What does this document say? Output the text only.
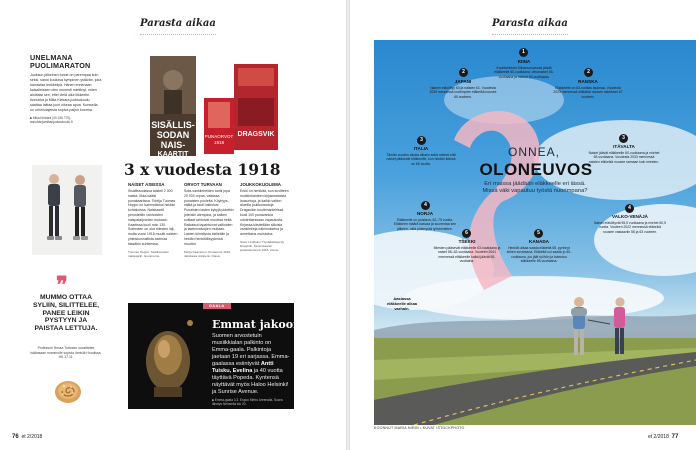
Parasta aikaa
UNELMANA PUOLIMARATON
Juoksun jälkeinen tunne on parempaa kuin seksi, sanoi kuuluisa kympinen ystävän, joka harrastaa lenkkeilyä. Hänen ennenaan kaisalleissen olen monesti miettinyt, miten aloittaisi sen, ettei vielä ollut liikkeelle. Annukka ja Mika Kiekara juoksukoulu saattaa laittaa juuri oikeaa apua. Kurssella on urheilulajeista sopiva paljon kuorma.
■ Mika Kiekara (40 236 770), annukanjamikanjuoksukoulu.fi
❞
MUMMO OTTAA SYLIIN, SILITTELEE, PANEE LEIKIN PYSTYYN JA PAISTAA LETTUJA.
Professori Hessa Tortosen suosittelee isäänsaan mummolle sopivia ihmisiä Hoodissa. HS 17.11.
SISÄLLIS-
SODAN
NAIS-
KAARTIT
PUNAORVOT
1918
DRAGSVIK
3 x vuodesta 1918
NAISET ASEISSA

Sisällissodassa taisteli 2 000 naista, Ilkka kaikki punakaartissa. Tohtija Tuomas Hoppu on hahmottanut heidän kohtaloissa. Naiskaartit perustettiin vanhoisten naispataljoonien mukaan. Kaartissa kuoli noin 130. Sotimisen on olut miesten lajt, mutta vuosi 1918 muutti naisten yhteiskunnallista asemaa tässäkin suhteessa.

Tuomas Hoppu: Sisällissodan naiskaartit. Gummerus.

ORVOT TURVAAN

Sota-vankileireiden tuotti jopa 20 000 orpoa, valtassa punaisten puolelta. Köyhyys, nälkä ja tauti haltioivat. Punaisten lasten kykyjä pidettiin jotenkin alempina, ja kaiken sotilaat tahtoivat muuttaa heitä. Ratkaisut tapahtuivat valtioiden ja lastenvalvojien mukaan. Lasten kiinnitysta kiellettiin ja heidän henkilöllisyytensä muuttui.

Merja Kaaminen: Punaorvot 1918. Jalobasia Jokiperä. Otava.

JOUKKOKUOLEMA

Erkki on herkkää, kun kuvitteen muistinkanteen kirjaamatoista lausuntoja, ja kaikki valtion alueilla joukkohautoja. Dragsvikin kuolemanleirissä kuoli 100 punavankia odotettaessaan vapautusta. Kirjassa käsitellään silloisia vankileireja tutkimuksena ja annettuina muistoina.

Sture Lindholm: Hyväksikäytetty Dragsvik. Tammisaaren joukkokuolema 1918. Atena.

GAALA
Emmat jakoon
Suomen arvostetuin musiikkialan palkinto on Emma-gaala. Palkintoja jaetaan 19 eri sarjassa. Emma-gaalassa esiintyvät Antti Tuisku, Evelina ja 40 vuotta täyttävä Popeda. Kyntensä näyttävät myös Haloo Helsinki! ja Sunrise Avenue.
■ Emma-gaala 3.3. Espoo Metro Areenalla. Suora lähetys Nelosella klo 20.
76 et 2/2018
Parasta aikaa
1
KIINA
Kuuhtelieluita Kiinassa kasvaa jäädä eläkkeelle 50-vuotiaana, virkanaiset 55-vuotiaana ja miehet 60-vuotiaana.
2
JAPANI
Nainen eläköityy 63 ja naisten 61. Vuodesta 2030 mennessä molempien eläkeikä nousee 65 vuoteen.
2
RANSKA
Eläkkeelle on 63-vuotias laukeaa. Vuodesta 2023 mennessä eläkeikä nousee satertaan 67 vuoteen.
3
ITALIA
Tämän vuoden alusta alkaen sekä miehet että naiset pääsevät eläkkeelle, kun heidän ikänsä on 66 vuotta.
3
ITÄVALTA
Naiset jäävät eläkkeelle 60-vuotiaana ja miehet 65-vuotiaana. Vuodesta 2033 mennessä naisten eläkeikä nousee samaan kuin miesten.
4
VALKO-VENÄJÄ
Naiset eläköityvät 55,5 vuotiaana ja miehet 60,5 vuotta. Vuoteen 2022 mennessä eläkeikä nousee vastaaviin 58 ja 63 vuoteen.
4
NORJA
Eläkkeelle on joustava, 62–75 vuotta. Eläkkeen määrä kasvaa ja suurentaa sen jälkeen, mitä pidempää työskentelee.
5
KANADA
Henkilö alkaa saada eläkettä 65, pyrinnyt siihen sovarsana. Eläkettä voi saada jo 60-vuotiaana, jos jäät työhön ja tukeutuu eläkkeelle 65-vuotiaana.
6
TŠEKKI
Miesten pääsevät eläkkeelle 63-vuotiaana ja naiset 58–62-vuotiaana. Vuoteen 2041 mennessä eläkkeelle kaikki jäävät 65-vuotiaina.
ONNEA,
OLONEUVOS
Eri maissa jäädään eläkkeelle eri iässä. Missä väki vapautuu työstä nuorimpana?
KOONNUT MARIA NIEMI • KUVAT ISTOCKPHOTO
et 2/2018 77
Aasiassa eläkkeelle alkaa varhain.
